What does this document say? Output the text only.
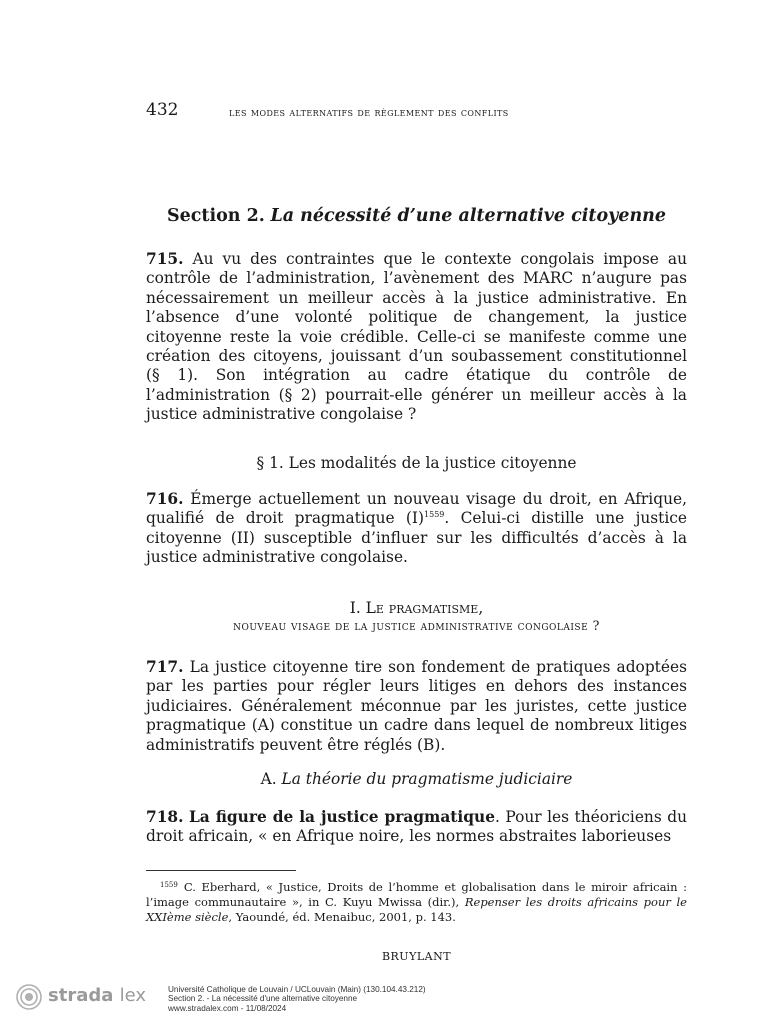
432	les modes alternatifs de règlement des conflits
Section 2. La nécessité d’une alternative citoyenne

715. Au vu des contraintes que le contexte congolais impose au contrôle de l’administration, l’avènement des MARC n’augure pas nécessairement un meilleur accès à la justice administrative. En l’absence d’une volonté politique de changement, la justice citoyenne reste la voie crédible. Celle-ci se manifeste comme une création des citoyens, jouissant d’un soubassement constitutionnel (§ 1). Son intégration au cadre étatique du contrôle de l’administration (§ 2) pourrait-elle générer un meilleur accès à la justice administrative congolaise ?

§ 1. Les modalités de la justice citoyenne

716. Émerge actuellement un nouveau visage du droit, en Afrique, qualifié de droit pragmatique (I)$^{1559}$. Celui-ci distille une justice citoyenne (II) susceptible d’influer sur les difficultés d’accès à la justice administrative congolaise.

I. Le pragmatisme,
nouveau visage de la justice administrative congolaise ?

717. La justice citoyenne tire son fondement de pratiques adoptées par les parties pour régler leurs litiges en dehors des instances judiciaires. Généralement méconnue par les juristes, cette justice pragmatique (A) constitue un cadre dans lequel de nombreux litiges administratifs peuvent être réglés (B).

A. La théorie du pragmatisme judiciaire

718. La figure de la justice pragmatique. Pour les théoriciens du droit africain, « en Afrique noire, les normes abstraites laborieuses

$^{1559}$ C. Eberhard, « Justice, Droits de l’homme et globalisation dans le miroir africain : l’image communautaire », in C. Kuyu Mwissa (dir.), Repenser les droits africains pour le XXIème siècle, Yaoundé, éd. Menaibuc, 2001, p. 143.
BRUYLANT
strada lex	Université Catholique de Louvain / UCLouvain (Main) (130.104.43.212)
Section 2. - La nécessité d'une alternative citoyenne
www.stradalex.com - 11/08/2024
